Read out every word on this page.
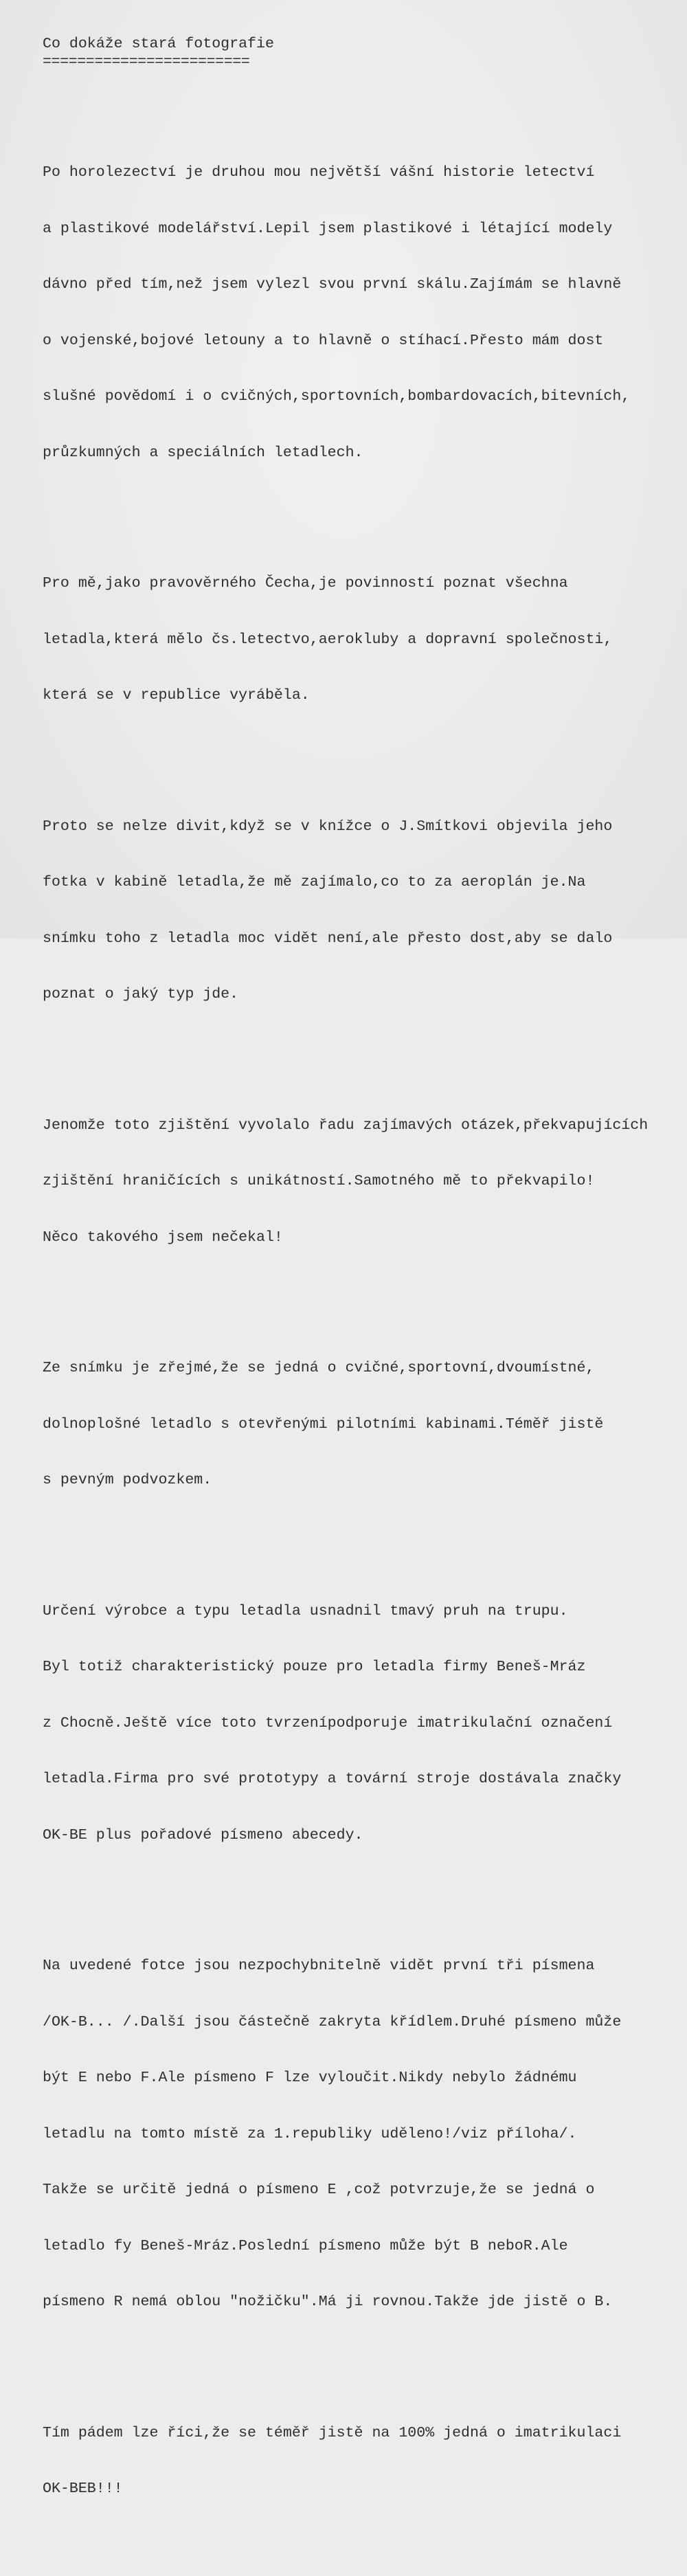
Co dokáže stará fotografie
========================

Po horolezectví je druhou mou největší vášní historie letectví

a plastikové modelářství.Lepil jsem plastikové i létající modely

dávno před tím,než jsem vylezl svou první skálu.Zajímám se hlavně

o vojenské,bojové letouny a to hlavně o stíhací.Přesto mám dost

slušné povědomí i o cvičných,sportovních,bombardovacích,bitevních,

průzkumných a speciálních letadlech.

Pro mě,jako pravověrného Čecha,je povinností poznat všechna

letadla,která mělo čs.letectvo,aerokluby a dopravní společnosti,

která se v republice vyráběla.

Proto se nelze divit,když se v knížce o J.Smítkovi objevila jeho

fotka v kabině letadla,že mě zajímalo,co to za aeroplán je.Na

snímku toho z letadla moc vidět není,ale přesto dost,aby se dalo

poznat o jaký typ jde.

Jenomže toto zjištění vyvolalo řadu zajímavých otázek,překvapujících

zjištění hraničících s unikátností.Samotného mě to překvapilo!

Něco takového jsem nečekal!

Ze snímku je zřejmé,že se jedná o cvičné,sportovní,dvoumístné,

dolnoplošné letadlo s otevřenými pilotními kabinami.Téměř jistě

s pevným podvozkem.

Určení výrobce a typu letadla usnadnil tmavý pruh na trupu.

Byl totiž charakteristický pouze pro letadla firmy Beneš-Mráz

z Chocně.Ještě více toto tvrzenípodporuje imatrikulační označení

letadla.Firma pro své prototypy a tovární stroje dostávala značky

OK-BE plus pořadové písmeno abecedy.

Na uvedené fotce jsou nezpochybnitelně vidět první tři písmena

/OK-B... /.Další jsou částečně zakryta křídlem.Druhé písmeno může

být E nebo F.Ale písmeno F lze vyloučit.Nikdy nebylo žádnému

letadlu na tomto místě za 1.republiky uděleno!/viz příloha/.

Takže se určitě jedná o písmeno E ,což potvrzuje,že se jedná o

letadlo fy Beneš-Mráz.Poslední písmeno může být B neboR.Ale

písmeno R nemá oblou "nožičku".Má ji rovnou.Takže jde jistě o B.

Tím pádem lze říci,že se téměř jistě na 100% jedná o imatrikulaci

OK-BEB!!!
